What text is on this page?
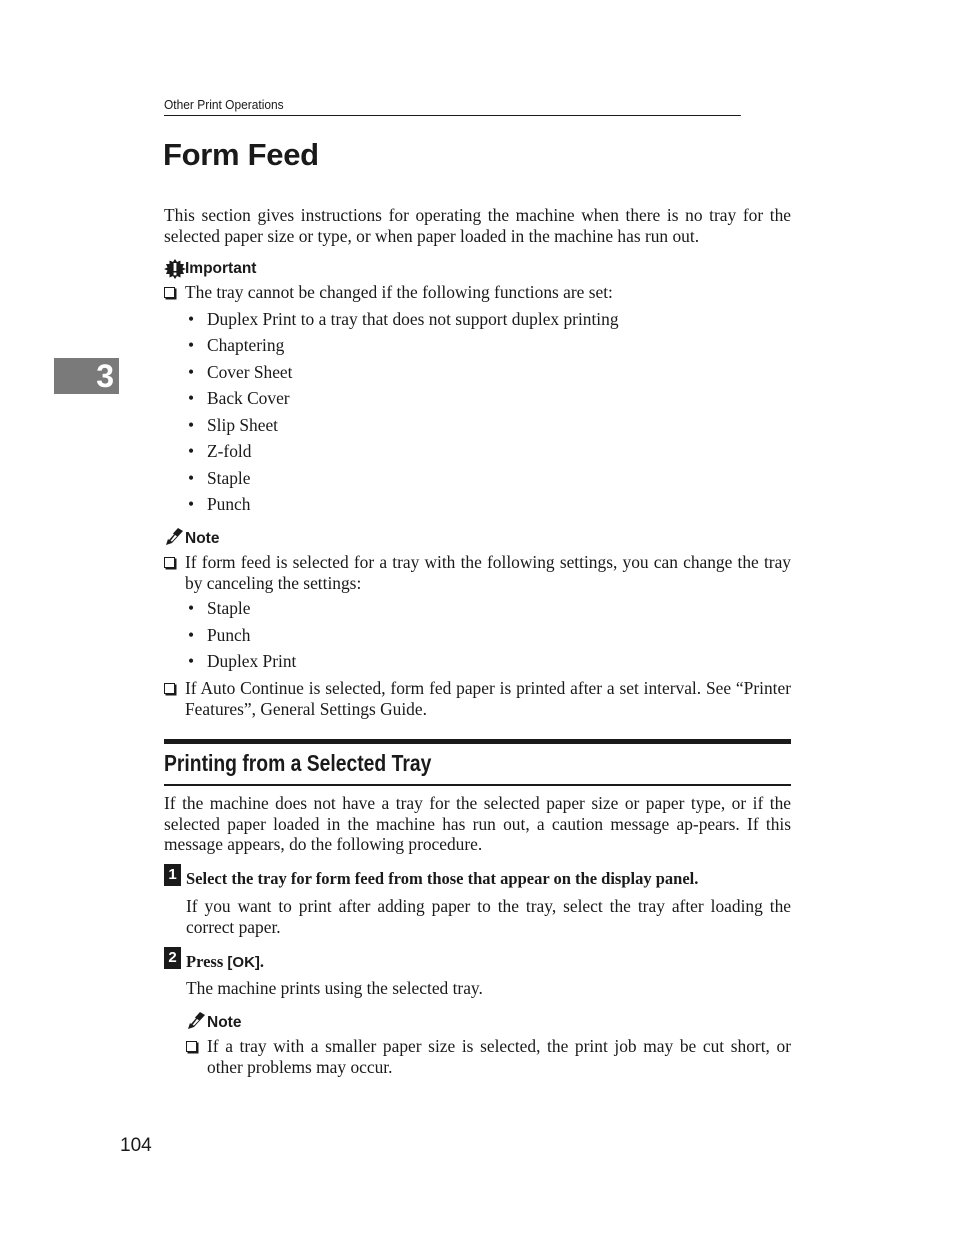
Other Print Operations
3
Form Feed
This section gives instructions for operating the machine when there is no tray for the selected paper size or type, or when paper loaded in the machine has run out.
Important
The tray cannot be changed if the following functions are set:
• Duplex Print to a tray that does not support duplex printing
• Chaptering
• Cover Sheet
• Back Cover
• Slip Sheet
• Z-fold
• Staple
• Punch
Note
If form feed is selected for a tray with the following settings, you can change the tray by canceling the settings:
• Staple
• Punch
• Duplex Print
If Auto Continue is selected, form fed paper is printed after a set interval. See “Printer Features”, General Settings Guide.
Printing from a Selected Tray
If the machine does not have a tray for the selected paper size or paper type, or if the selected paper loaded in the machine has run out, a caution message ap-pears. If this message appears, do the following procedure.
1 Select the tray for form feed from those that appear on the display panel.
If you want to print after adding paper to the tray, select the tray after loading the correct paper.
2 Press [OK].
The machine prints using the selected tray.
Note
If a tray with a smaller paper size is selected, the print job may be cut short, or other problems may occur.
104
